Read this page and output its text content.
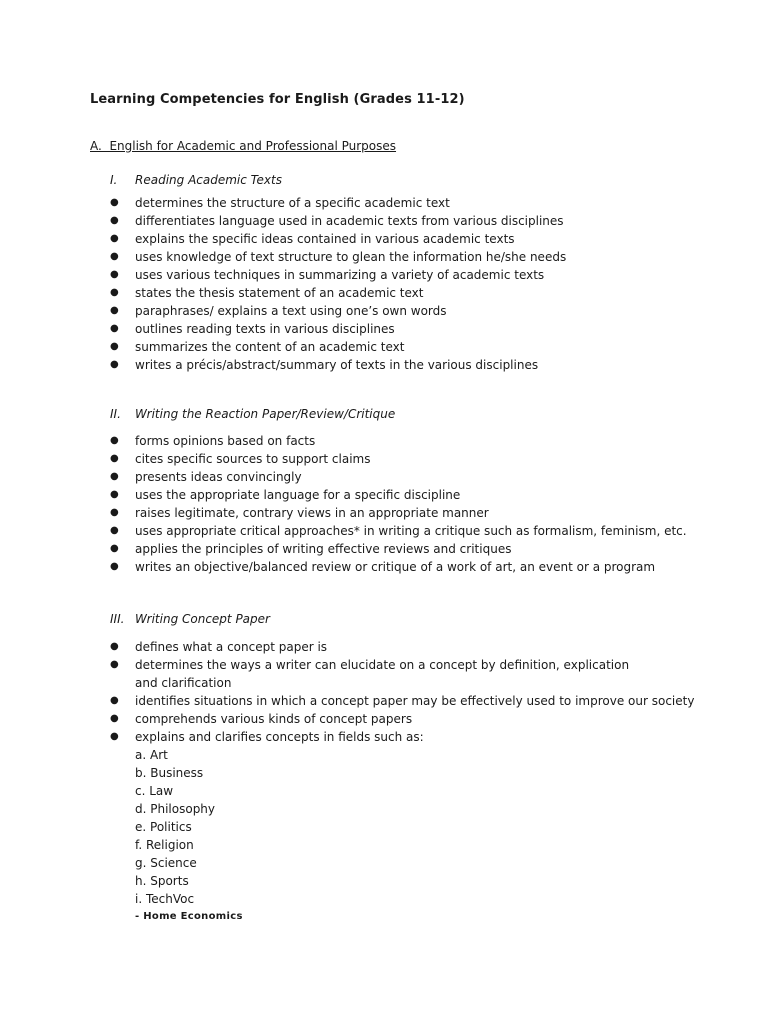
Learning Competencies for English (Grades 11-12)
A.  English for Academic and Professional Purposes
I. Reading Academic Texts
● determines the structure of a specific academic text
● differentiates language used in academic texts from various disciplines
● explains the specific ideas contained in various academic texts
● uses knowledge of text structure to glean the information he/she needs
● uses various techniques in summarizing a variety of academic texts
● states the thesis statement of an academic text
● paraphrases/ explains a text using one’s own words
● outlines reading texts in various disciplines
● summarizes the content of an academic text
● writes a précis/abstract/summary of texts in the various disciplines
II. Writing the Reaction Paper/Review/Critique
● forms opinions based on facts
● cites specific sources to support claims
● presents ideas convincingly
● uses the appropriate language for a specific discipline
● raises legitimate, contrary views in an appropriate manner
● uses appropriate critical approaches* in writing a critique such as formalism, feminism, etc.
● applies the principles of writing effective reviews and critiques
● writes an objective/balanced review or critique of a work of art, an event or a program
III. Writing Concept Paper
● defines what a concept paper is
● determines the ways a writer can elucidate on a concept by definition, explication and clarification
● identifies situations in which a concept paper may be effectively used to improve our society
● comprehends various kinds of concept papers
● explains and clarifies concepts in fields such as:
a. Art
b. Business
c. Law
d. Philosophy
e. Politics
f. Religion
g. Science
h. Sports
i. TechVoc
- Home Economics
